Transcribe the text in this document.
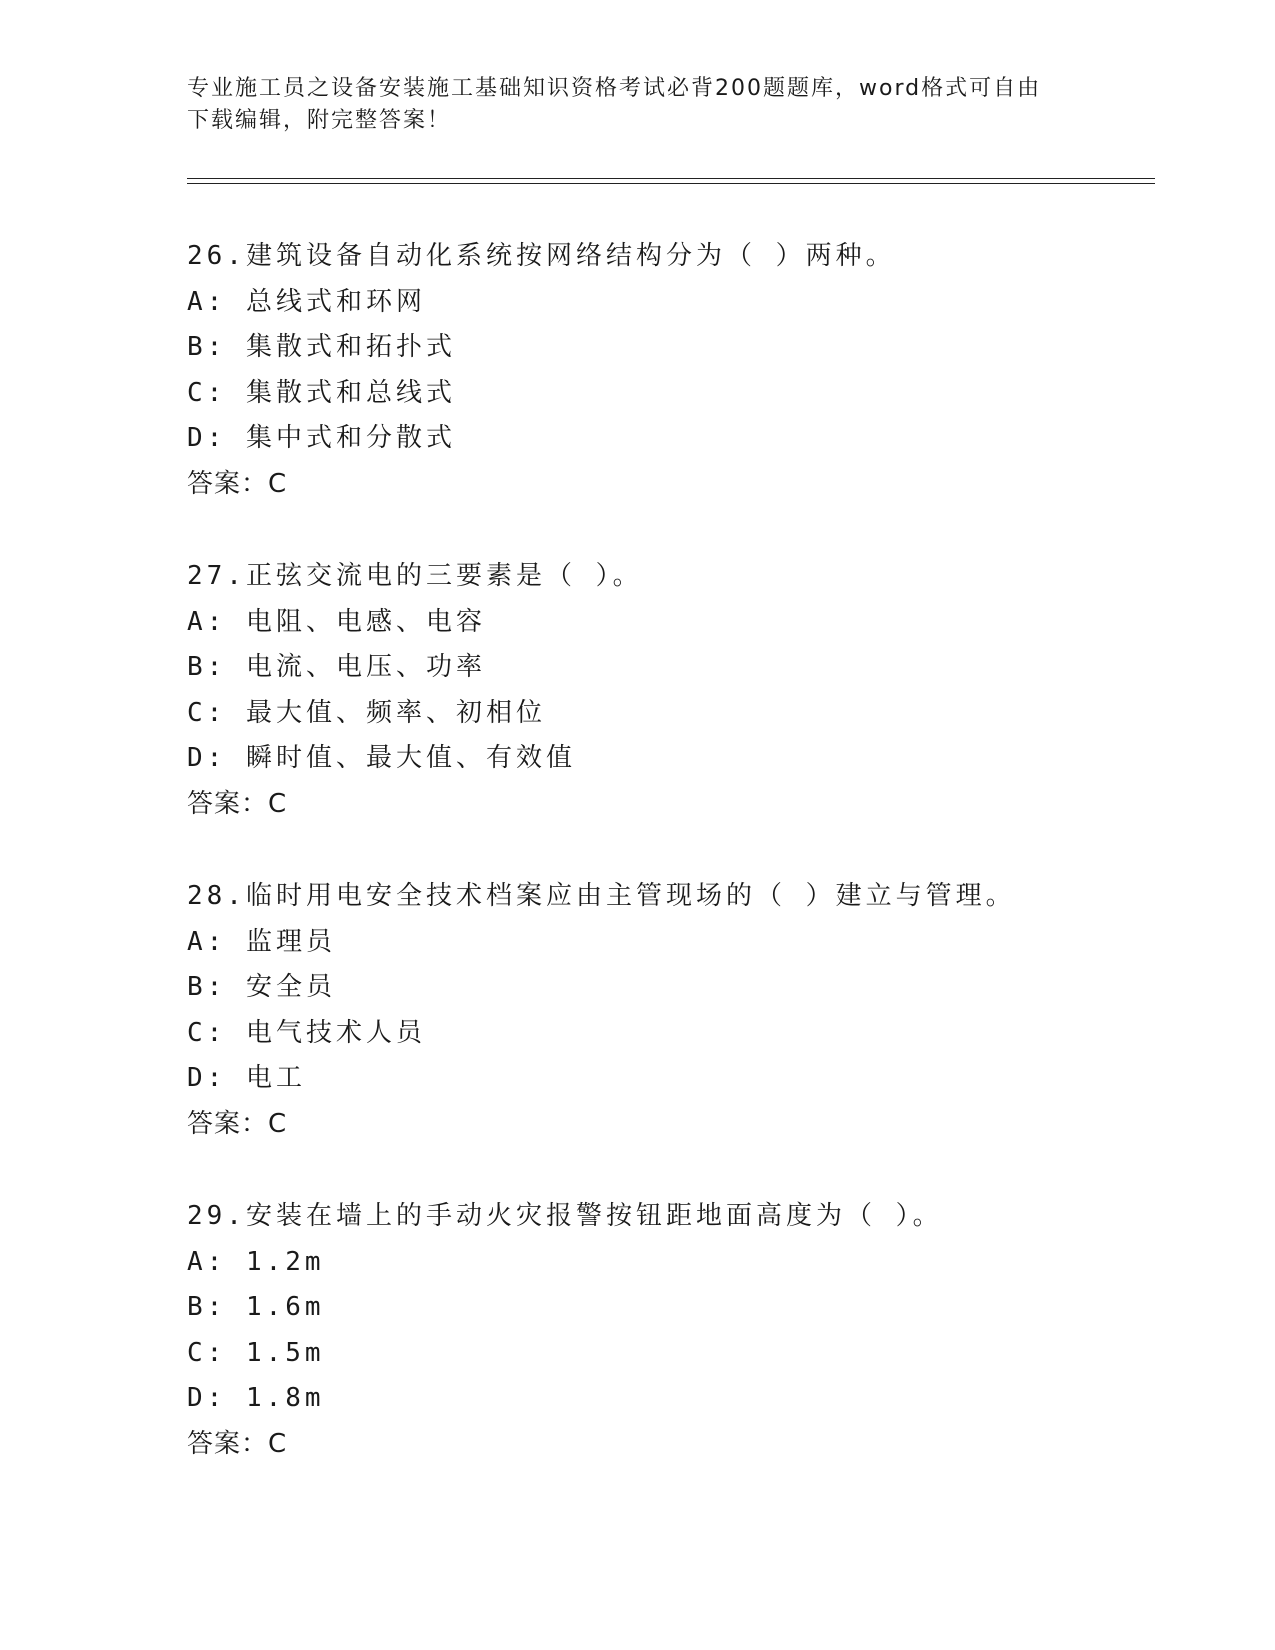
专业施工员之设备安装施工基础知识资格考试必背200题题库，word格式可自由
下载编辑，附完整答案！
26.建筑设备自动化系统按网络结构分为（ ）两种。
A: 总线式和环网
B: 集散式和拓扑式
C: 集散式和总线式
D: 集中式和分散式
答案：C
27.正弦交流电的三要素是（ ）。
A: 电阻、电感、电容
B: 电流、电压、功率
C: 最大值、频率、初相位
D: 瞬时值、最大值、有效值
答案：C
28.临时用电安全技术档案应由主管现场的（ ）建立与管理。
A: 监理员
B: 安全员
C: 电气技术人员
D: 电工
答案：C
29.安装在墙上的手动火灾报警按钮距地面高度为（ ）。
A: 1.2m
B: 1.6m
C: 1.5m
D: 1.8m
答案：C
